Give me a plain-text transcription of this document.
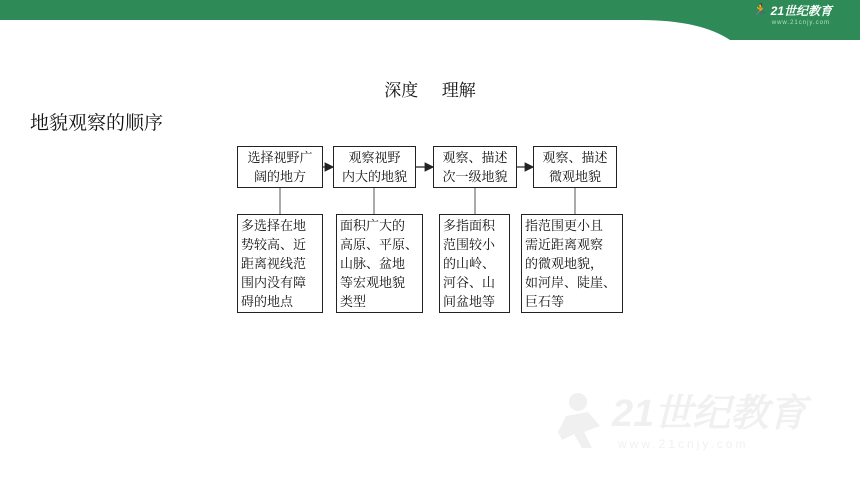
🏃 21世纪教育
www.21cnjy.com
深度 理解
地貌观察的顺序
选择视野广
阔的地方
观察视野
内大的地貌
观察、描述
次一级地貌
观察、描述
微观地貌
多选择在地
势较高、近
距离视线范
围内没有障
碍的地点
面积广大的
高原、平原、
山脉、盆地
等宏观地貌
类型
多指面积
范围较小
的山岭、
河谷、山
间盆地等
指范围更小且
需近距离观察
的微观地貌，
如河岸、陡崖、
巨石等
21世纪教育
www.21cnjy.com
